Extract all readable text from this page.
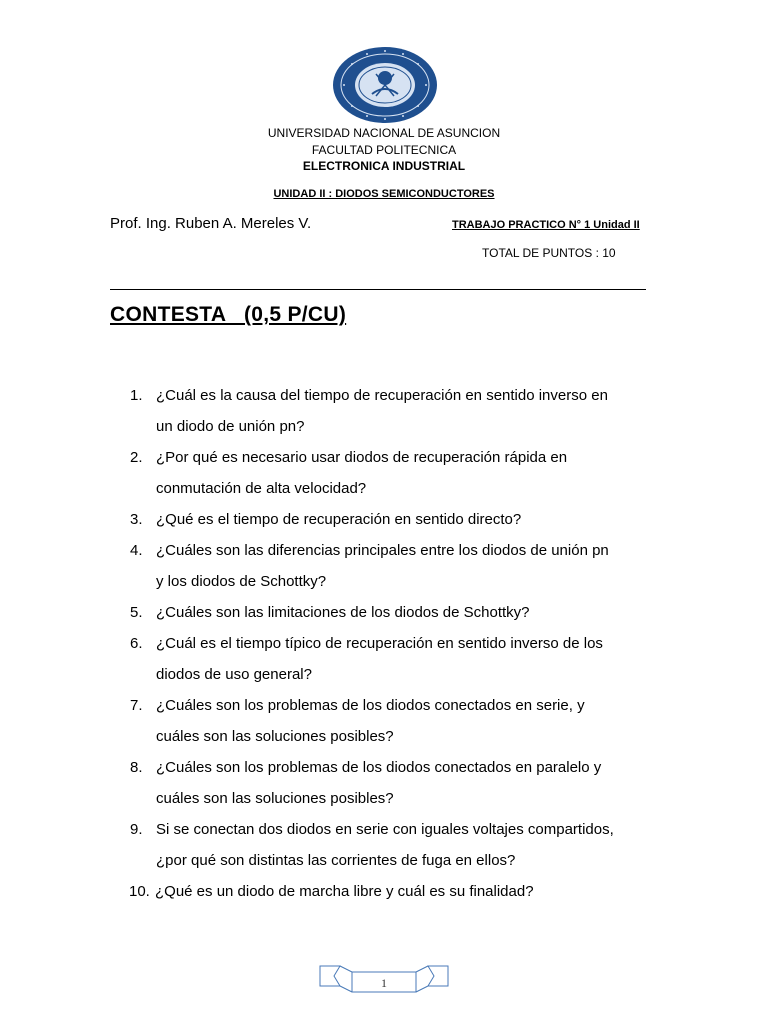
UNIVERSIDAD NACIONAL DE ASUNCION
FACULTAD POLITECNICA
ELECTRONICA INDUSTRIAL
UNIDAD II : DIODOS SEMICONDUCTORES
Prof. Ing. Ruben A. Mereles V.	TRABAJO PRACTICO N° 1 Unidad II
TOTAL DE PUNTOS : 10
CONTESTA   (0,5 P/CU)
1. ¿Cuál es la causa del tiempo de recuperación en sentido inverso en
un diodo de unión pn?
2. ¿Por qué es necesario usar diodos de recuperación rápida en
conmutación de alta velocidad?
3. ¿Qué es el tiempo de recuperación en sentido directo?
4. ¿Cuáles son las diferencias principales entre los diodos de unión pn
y los diodos de Schottky?
5. ¿Cuáles son las limitaciones de los diodos de Schottky?
6. ¿Cuál es el tiempo típico de recuperación en sentido inverso de los
diodos de uso general?
7. ¿Cuáles son los problemas de los diodos conectados en serie, y
cuáles son las soluciones posibles?
8. ¿Cuáles son los problemas de los diodos conectados en paralelo y
cuáles son las soluciones posibles?
9. Si se conectan dos diodos en serie con iguales voltajes compartidos,
¿por qué son distintas las corrientes de fuga en ellos?
10. ¿Qué es un diodo de marcha libre y cuál es su finalidad?
1
